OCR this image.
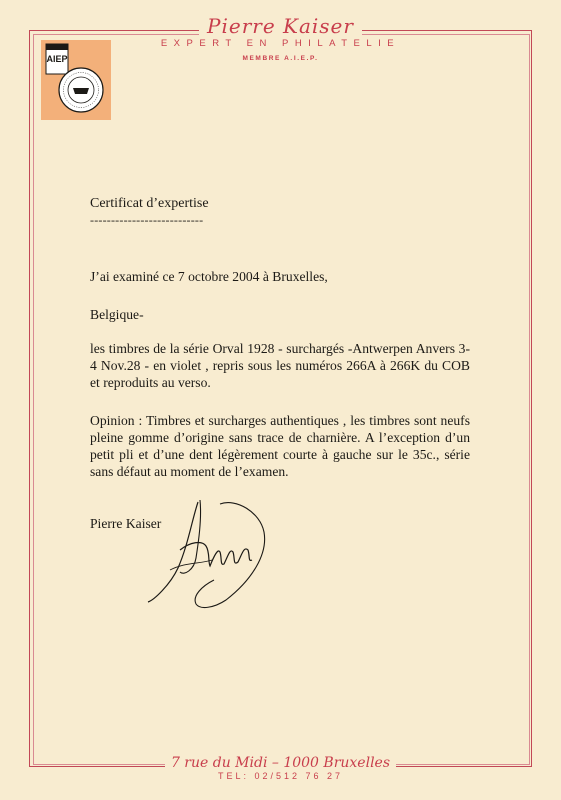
Pierre Kaiser
EXPERT EN PHILATELIE
MEMBRE A.I.E.P.
AIEP
Certificat d’expertise
---------------------------
J’ai examiné ce 7 octobre 2004 à Bruxelles,
Belgique-
les timbres de la série Orval 1928 - surchargés -Antwerpen Anvers 3-4 Nov.28 - en violet , repris sous les numéros 266A à 266K du COB et reproduits au verso.
Opinion : Timbres et surcharges authentiques , les timbres sont neufs pleine gomme d’origine sans trace de charnière. A l’exception d’un petit pli et d’une dent légèrement courte à gauche sur le 35c., série sans défaut au moment de l’examen.
Pierre Kaiser
7 rue du Midi – 1000 Bruxelles
TEL: 02/512 76 27
